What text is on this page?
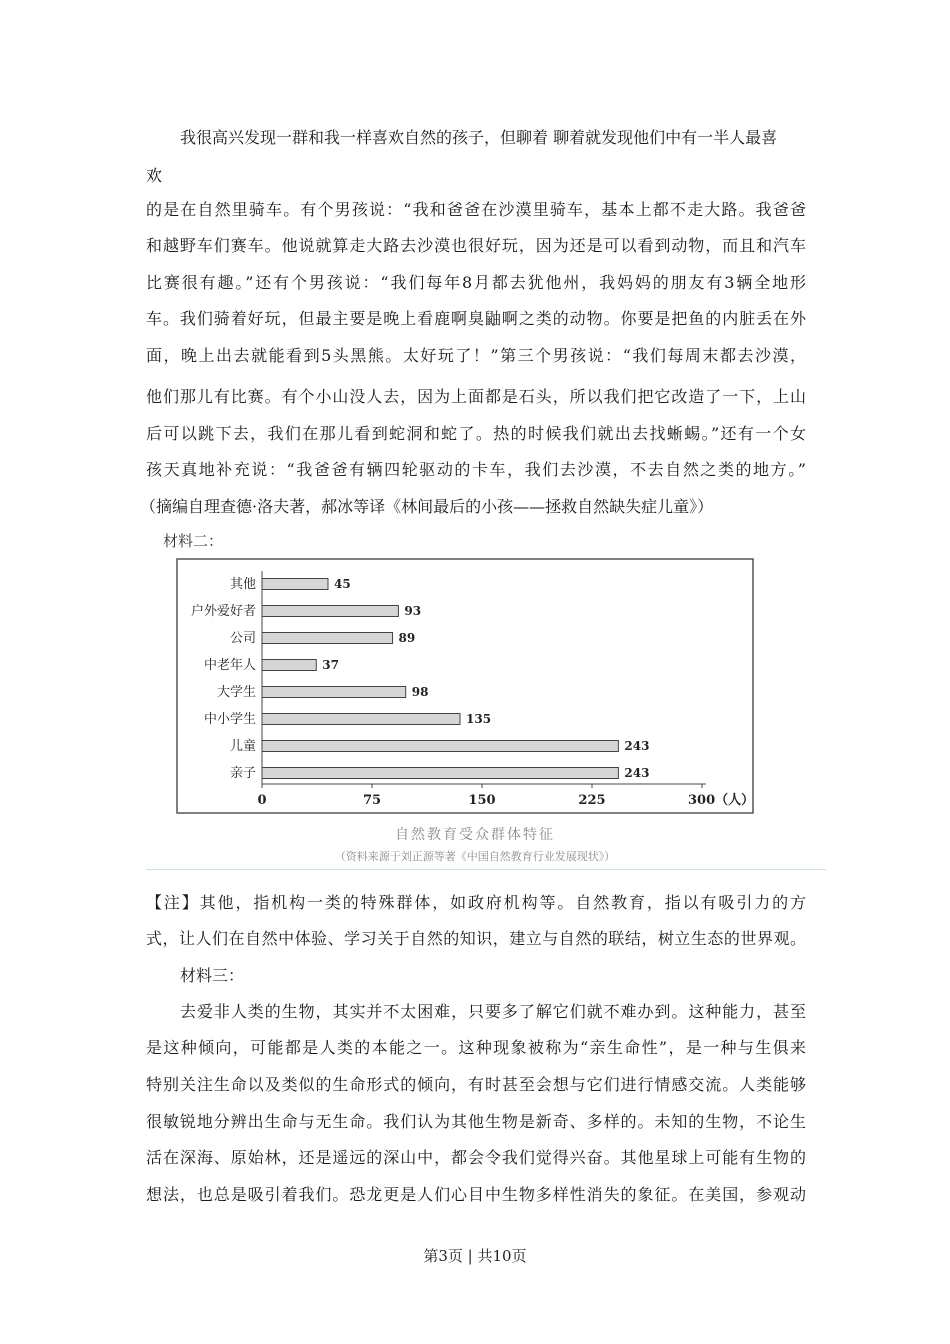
我很高兴发现一群和我一样喜欢自然的孩子，但聊着 聊着就发现他们中有一半人最喜
欢
的是在自然里骑车。有个男孩说：“我和爸爸在沙漠里骑车，基本上都不走大路。我爸爸
和越野车们赛车。他说就算走大路去沙漠也很好玩，因为还是可以看到动物，而且和汽车
比赛很有趣。”还有个男孩说：“我们每年8月都去犹他州，我妈妈的朋友有3辆全地形
车。我们骑着好玩，但最主要是晚上看鹿啊臭鼬啊之类的动物。你要是把鱼的内脏丢在外
面，晚上出去就能看到5头黑熊。太好玩了！”第三个男孩说：“我们每周末都去沙漠，
他们那儿有比赛。有个小山没人去，因为上面都是石头，所以我们把它改造了一下，上山
后可以跳下去，我们在那儿看到蛇洞和蛇了。热的时候我们就出去找蜥蜴。”还有一个女
孩天真地补充说：“我爸爸有辆四轮驱动的卡车，我们去沙漠，不去自然之类的地方。”
（摘编自理查德·洛夫著，郝冰等译《林间最后的小孩——拯救自然缺失症儿童》）
材料二：
其他	45
户外爱好者	93
公司	89
中老年人	37
大学生	98
中小学生	135
儿童	243
亲子	243
0	75	150	225	300（人）
自然教育受众群体特征
（资料来源于刘正源等著《中国自然教育行业发展现状》）
【注】其他，指机构一类的特殊群体，如政府机构等。自然教育，指以有吸引力的方
式，让人们在自然中体验、学习关于自然的知识，建立与自然的联结，树立生态的世界观。
材料三：
去爱非人类的生物，其实并不太困难，只要多了解它们就不难办到。这种能力，甚至
是这种倾向，可能都是人类的本能之一。这种现象被称为“亲生命性”，是一种与生俱来
特别关注生命以及类似的生命形式的倾向，有时甚至会想与它们进行情感交流。人类能够
很敏锐地分辨出生命与无生命。我们认为其他生物是新奇、多样的。未知的生物，不论生
活在深海、原始林，还是遥远的深山中，都会令我们觉得兴奋。其他星球上可能有生物的
想法，也总是吸引着我们。恐龙更是人们心目中生物多样性消失的象征。在美国，参观动
第3页 | 共10页
